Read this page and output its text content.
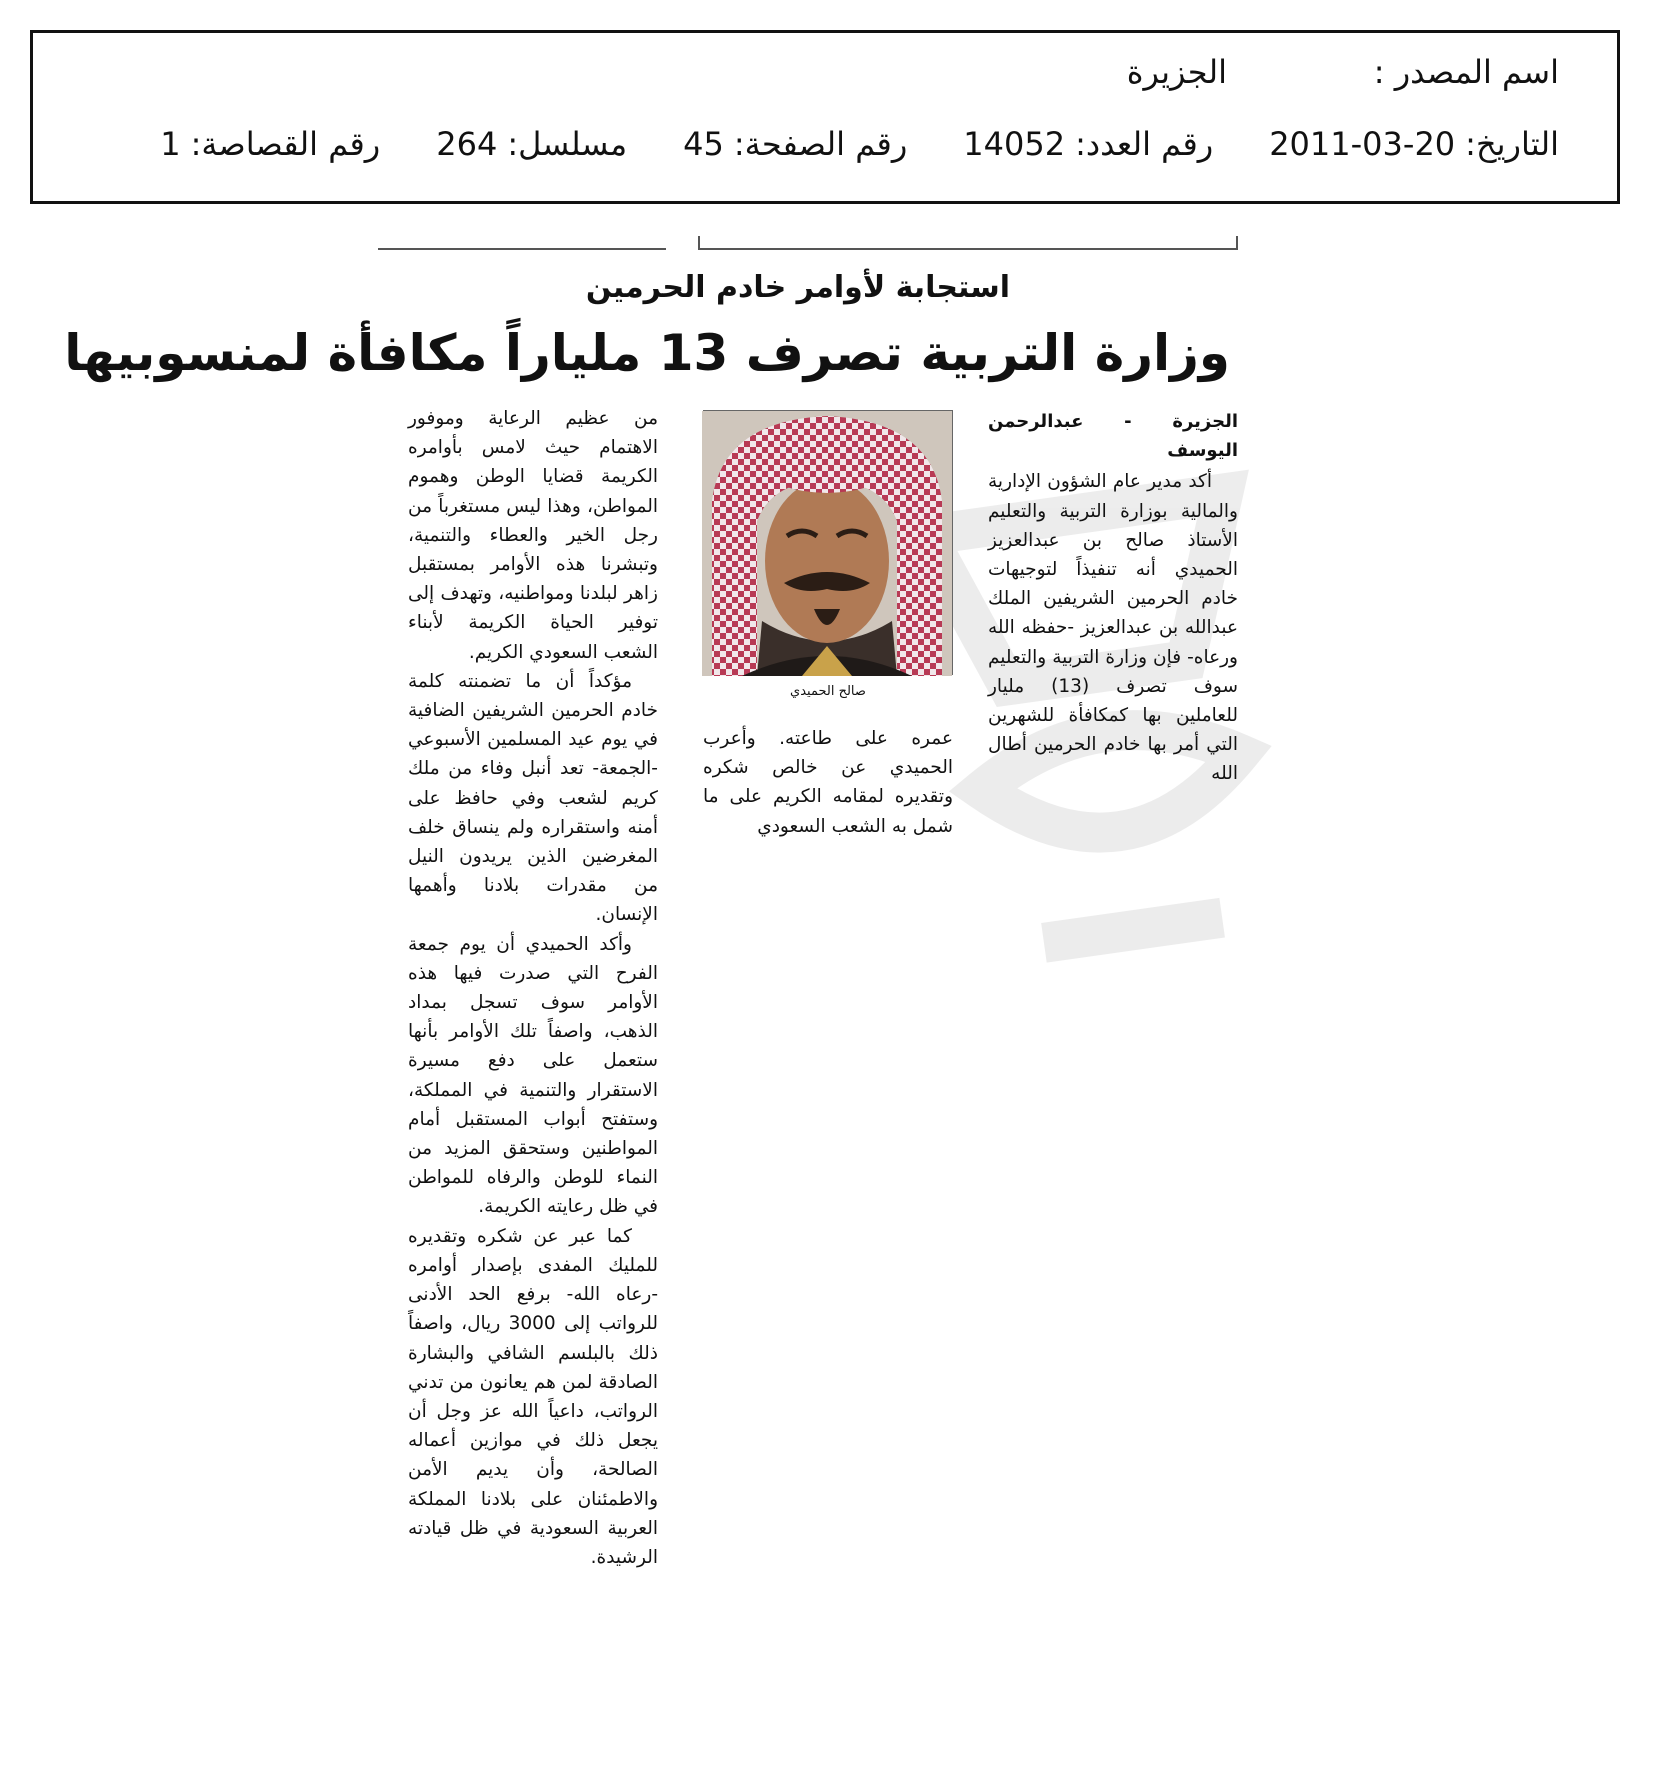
اسم المصدر :
الجزيرة
التاريخ:
2011-03-20
رقم العدد:
14052
رقم الصفحة:
45
مسلسل:
264
رقم القصاصة:
1
استجابة لأوامر خادم الحرمين
وزارة التربية تصرف 13 ملياراً مكافأة لمنسوبيها
الجزيرة - عبدالرحمن اليوسف

أكد مدير عام الشؤون الإدارية والمالية بوزارة التربية والتعليم الأستاذ صالح بن عبدالعزيز الحميدي أنه تنفيذاً لتوجيهات خادم الحرمين الشريفين الملك عبدالله بن عبدالعزيز -حفظه الله ورعاه- فإن وزارة التربية والتعليم سوف تصرف (13) مليار للعاملين بها كمكافأة للشهرين التي أمر بها خادم الحرمين أطال الله

صالح الحميدي

عمره على طاعته. وأعرب الحميدي عن خالص شكره وتقديره لمقامه الكريم على ما شمل به الشعب السعودي

من عظيم الرعاية وموفور الاهتمام حيث لامس بأوامره الكريمة قضايا الوطن وهموم المواطن، وهذا ليس مستغرباً من رجل الخير والعطاء والتنمية، وتبشرنا هذه الأوامر بمستقبل زاهر لبلدنا ومواطنيه، وتهدف إلى توفير الحياة الكريمة لأبناء الشعب السعودي الكريم.

مؤكداً أن ما تضمنته كلمة خادم الحرمين الشريفين الضافية في يوم عيد المسلمين الأسبوعي -الجمعة- تعد أنبل وفاء من ملك كريم لشعب وفي حافظ على أمنه واستقراره ولم ينساق خلف المغرضين الذين يريدون النيل من مقدرات بلادنا وأهمها الإنسان.

وأكد الحميدي أن يوم جمعة الفرح التي صدرت فيها هذه الأوامر سوف تسجل بمداد الذهب، واصفاً تلك الأوامر بأنها ستعمل على دفع مسيرة الاستقرار والتنمية في المملكة، وستفتح أبواب المستقبل أمام المواطنين وستحقق المزيد من النماء للوطن والرفاه للمواطن في ظل رعايته الكريمة.

كما عبر عن شكره وتقديره للمليك المفدى بإصدار أوامره -رعاه الله- برفع الحد الأدنى للرواتب إلى 3000 ريال، واصفاً ذلك بالبلسم الشافي والبشارة الصادقة لمن هم يعانون من تدني الرواتب، داعياً الله عز وجل أن يجعل ذلك في موازين أعماله الصالحة، وأن يديم الأمن والاطمئنان على بلادنا المملكة العربية السعودية في ظل قيادته الرشيدة.
